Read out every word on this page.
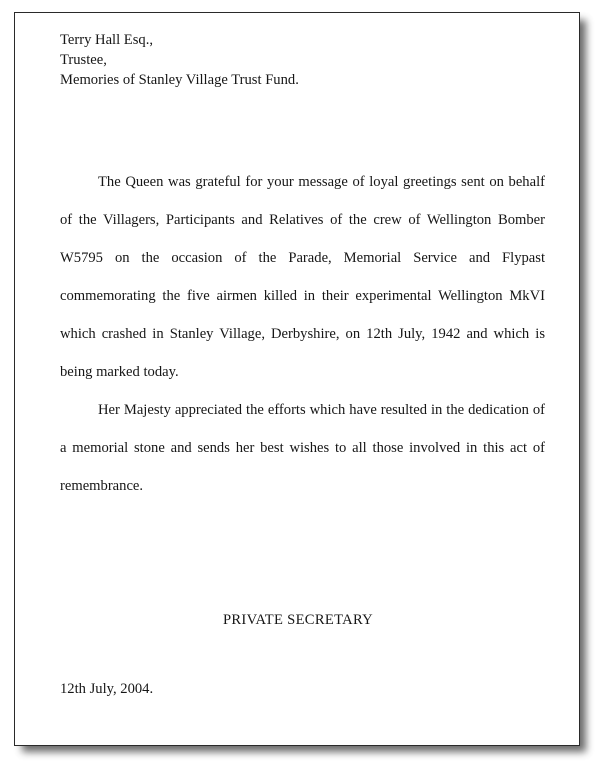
Terry Hall Esq.,
Trustee,
Memories of Stanley Village Trust Fund.

The Queen was grateful for your message of loyal greetings sent on behalf of the Villagers, Participants and Relatives of the crew of Wellington Bomber W5795 on the occasion of the Parade, Memorial Service and Flypast commemorating the five airmen killed in their experimental Wellington MkVI which crashed in Stanley Village, Derbyshire, on 12th July, 1942 and which is being marked today.

Her Majesty appreciated the efforts which have resulted in the dedication of a memorial stone and sends her best wishes to all those involved in this act of remembrance.

PRIVATE SECRETARY
12th July, 2004.
